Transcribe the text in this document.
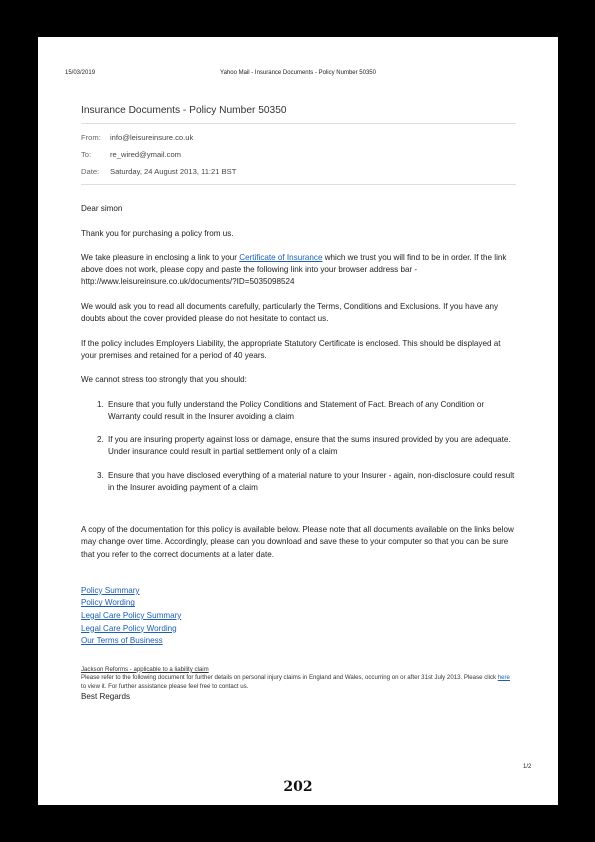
15/03/2019	Yahoo Mail - Insurance Documents - Policy Number 50350
Insurance Documents - Policy Number 50350
From: info@leisureinsure.co.uk
To: re_wired@ymail.com
Date: Saturday, 24 August 2013, 11:21 BST

Dear simon

Thank you for purchasing a policy from us.

We take pleasure in enclosing a link to your Certificate of Insurance which we trust you will find to be in order. If the link above does not work, please copy and paste the following link into your browser address bar - http://www.leisureinsure.co.uk/documents/?ID=5035098524

We would ask you to read all documents carefully, particularly the Terms, Conditions and Exclusions. If you have any doubts about the cover provided please do not hesitate to contact us.

If the policy includes Employers Liability, the appropriate Statutory Certificate is enclosed. This should be displayed at your premises and retained for a period of 40 years.

We cannot stress too strongly that you should:

1. Ensure that you fully understand the Policy Conditions and Statement of Fact. Breach of any Condition or Warranty could result in the Insurer avoiding a claim
2. If you are insuring property against loss or damage, ensure that the sums insured provided by you are adequate. Under insurance could result in partial settlement only of a claim
3. Ensure that you have disclosed everything of a material nature to your Insurer - again, non-disclosure could result in the Insurer avoiding payment of a claim

A copy of the documentation for this policy is available below. Please note that all documents available on the links below may change over time. Accordingly, please can you download and save these to your computer so that you can be sure that you refer to the correct documents at a later date.

Policy Summary
Policy Wording
Legal Care Policy Summary
Legal Care Policy Wording
Our Terms of Business
Jackson Reforms - applicable to a liability claim
Please refer to the following document for further details on personal injury claims in England and Wales, occurring on or after 31st July 2013. Please click here to view it. For further assistance please feel free to contact us.

Best Regards

1/2
202
